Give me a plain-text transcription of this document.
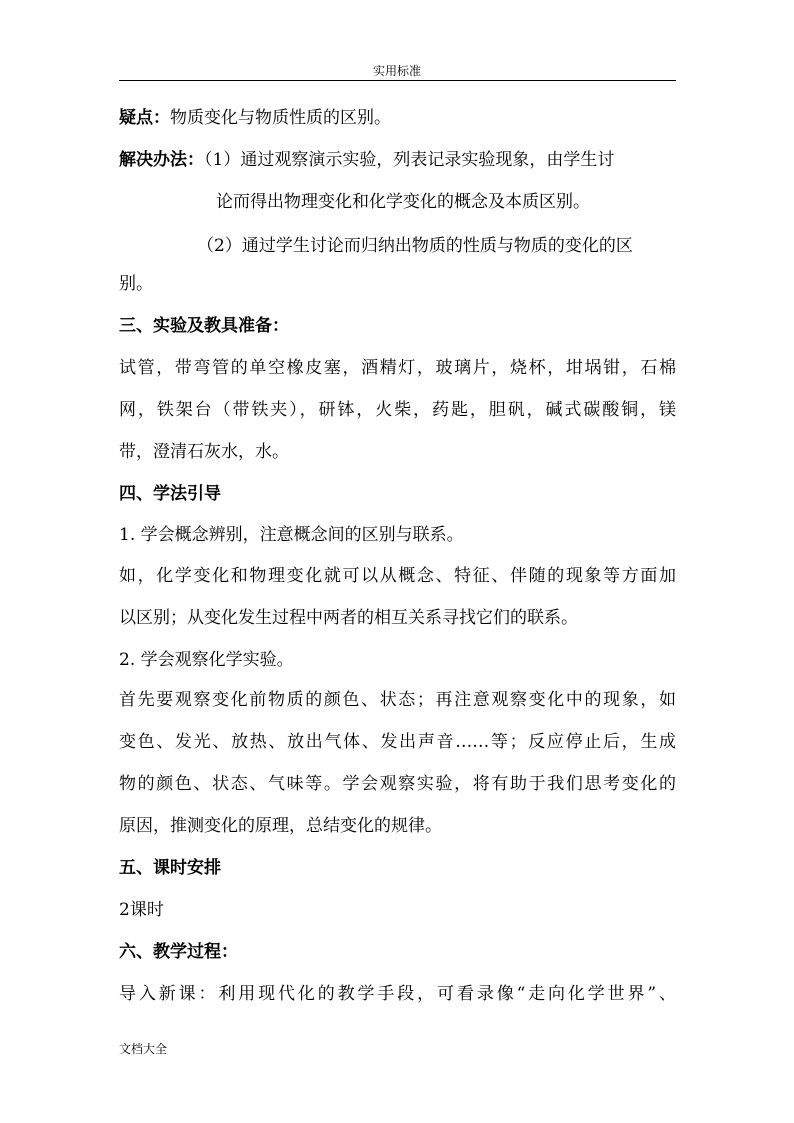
实用标准
疑点：物质变化与物质性质的区别。
解决办法：（1）通过观察演示实验，列表记录实验现象，由学生讨
论而得出物理变化和化学变化的概念及本质区别。
（2）通过学生讨论而归纳出物质的性质与物质的变化的区
别。
三、实验及教具准备：
试管，带弯管的单空橡皮塞，酒精灯，玻璃片，烧杯，坩埚钳，石棉
网，铁架台（带铁夹），研钵，火柴，药匙，胆矾，碱式碳酸铜，镁
带，澄清石灰水，水。
四、学法引导
1. 学会概念辨别，注意概念间的区别与联系。
如，化学变化和物理变化就可以从概念、特征、伴随的现象等方面加
以区别；从变化发生过程中两者的相互关系寻找它们的联系。
2. 学会观察化学实验。
首先要观察变化前物质的颜色、状态；再注意观察变化中的现象，如
变色、发光、放热、放出气体、发出声音……等；反应停止后，生成
物的颜色、状态、气味等。学会观察实验，将有助于我们思考变化的
原因，推测变化的原理，总结变化的规律。
五、课时安排
2课时
六、教学过程：
导入新课：利用现代化的教学手段，可看录像“走向化学世界”、
文档大全
